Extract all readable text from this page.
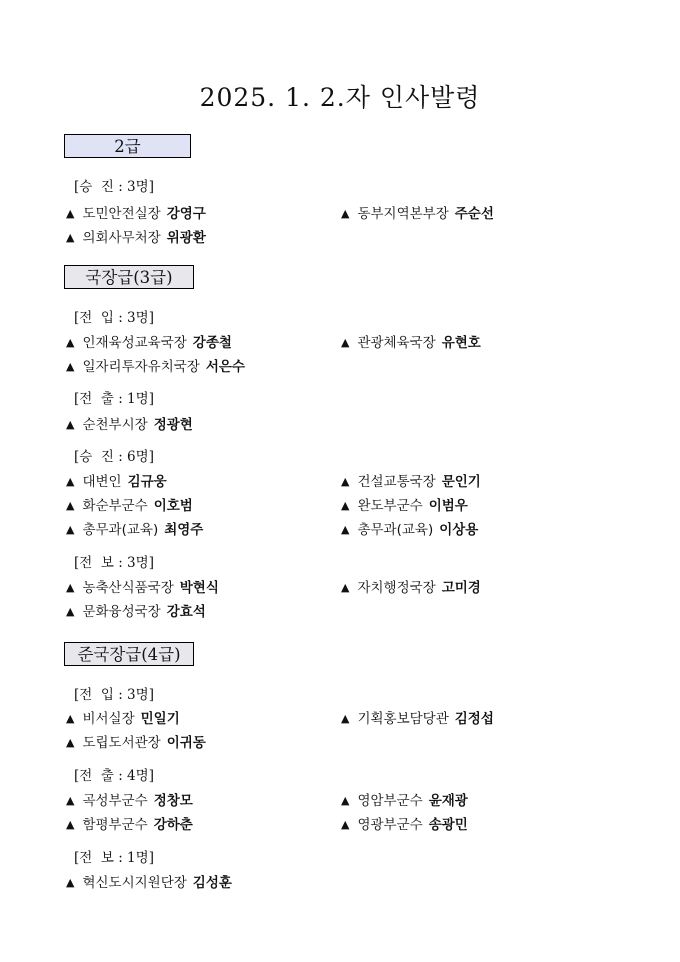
2025. 1. 2.자 인사발령
2급
[승  진 : 3명]
▲ 도민안전실장 강영구	▲ 동부지역본부장 주순선
▲ 의회사무처장 위광환
국장급(3급)
[전  입 : 3명]
▲ 인재육성교육국장 강종철	▲ 관광체육국장 유현호
▲ 일자리투자유치국장 서은수
[전  출 : 1명]
▲ 순천부시장 정광현
[승  진 : 6명]
▲ 대변인 김규웅	▲ 건설교통국장 문인기
▲ 화순부군수 이호범	▲ 완도부군수 이범우
▲ 총무과(교육) 최영주	▲ 총무과(교육) 이상용
[전  보 : 3명]
▲ 농축산식품국장 박현식	▲ 자치행정국장 고미경
▲ 문화융성국장 강효석
준국장급(4급)
[전  입 : 3명]
▲ 비서실장 민일기	▲ 기획홍보담당관 김정섭
▲ 도립도서관장 이귀동
[전  출 : 4명]
▲ 곡성부군수 정창모	▲ 영암부군수 윤재광
▲ 함평부군수 강하춘	▲ 영광부군수 송광민
[전  보 : 1명]
▲ 혁신도시지원단장 김성훈
